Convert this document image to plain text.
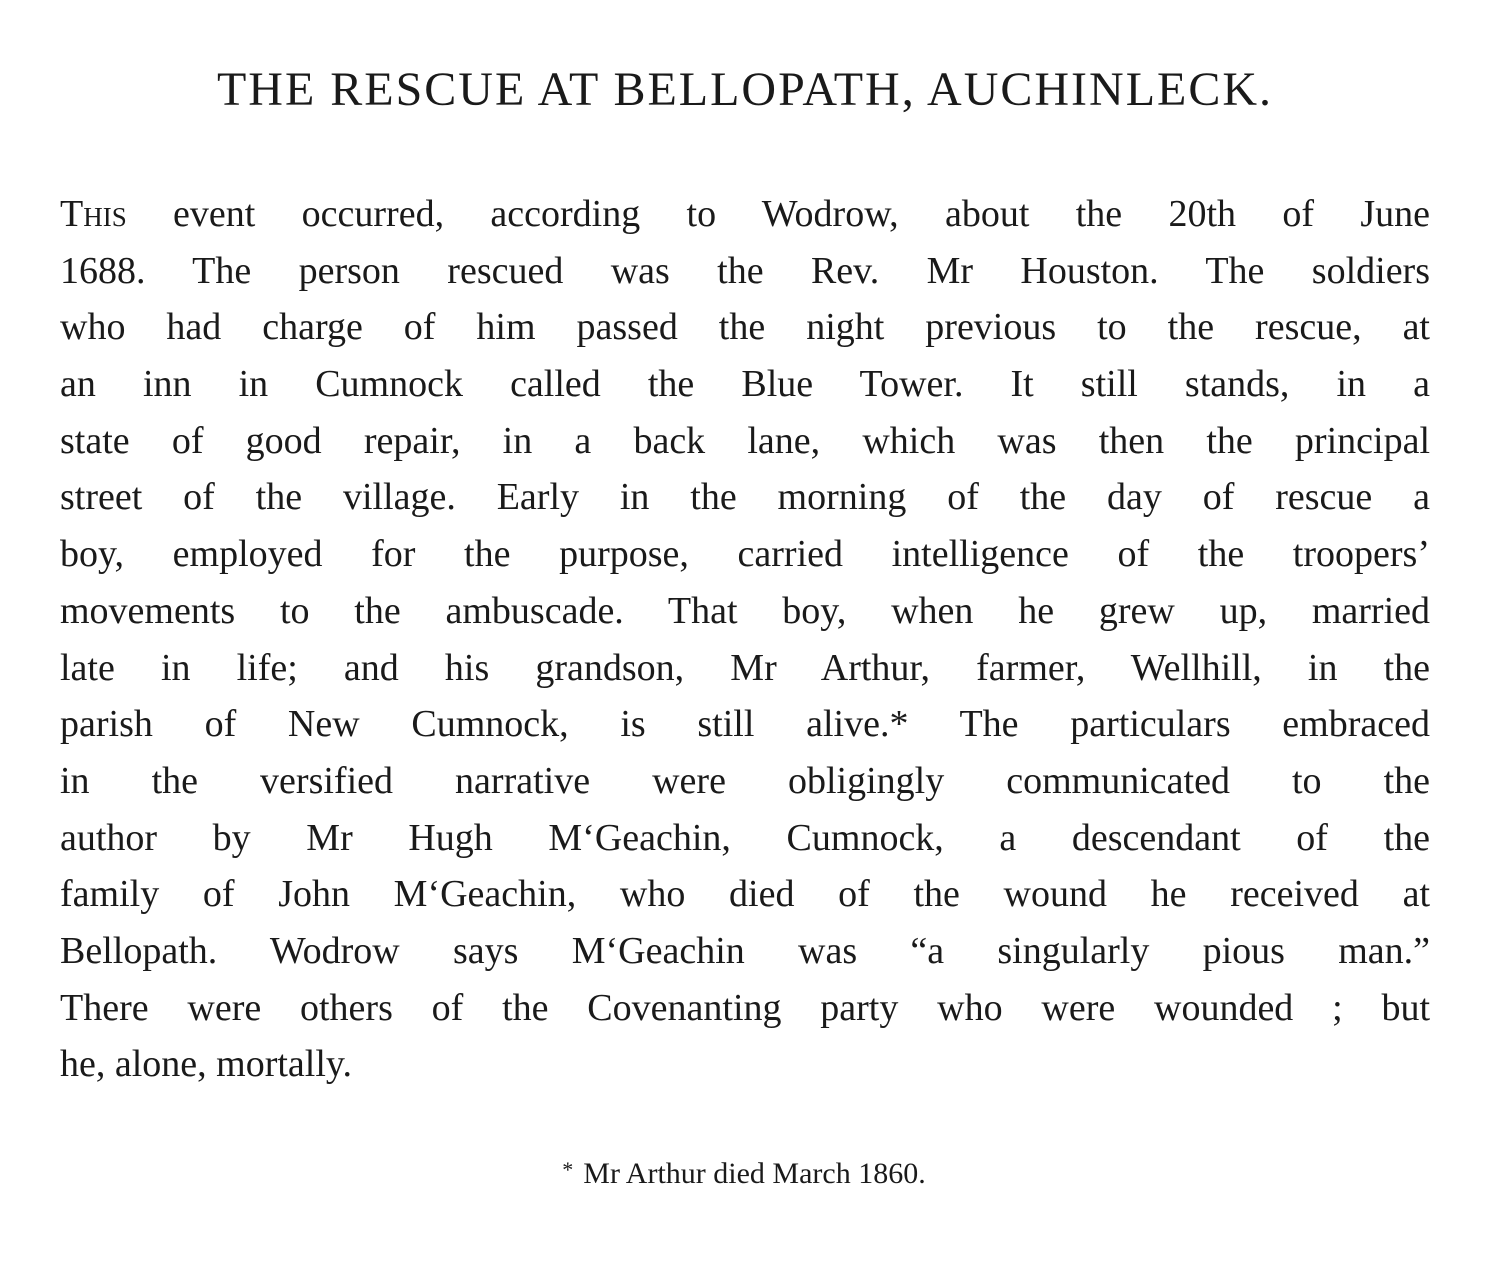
THE RESCUE AT BELLOPATH, AUCHINLECK.
This event occurred, according to Wodrow, about the 20th of June
1688. The person rescued was the Rev. Mr Houston. The soldiers
who had charge of him passed the night previous to the rescue, at
an inn in Cumnock called the Blue Tower. It still stands, in a
state of good repair, in a back lane, which was then the principal
street of the village. Early in the morning of the day of rescue a
boy, employed for the purpose, carried intelligence of the troopers’
movements to the ambuscade. That boy, when he grew up, married
late in life; and his grandson, Mr Arthur, farmer, Wellhill, in the
parish of New Cumnock, is still alive.* The particulars embraced
in the versified narrative were obligingly communicated to the
author by Mr Hugh M‘Geachin, Cumnock, a descendant of the
family of John M‘Geachin, who died of the wound he received at
Bellopath. Wodrow says M‘Geachin was “a singularly pious man.”
There were others of the Covenanting party who were wounded ; but
he, alone, mortally.
* Mr Arthur died March 1860.
